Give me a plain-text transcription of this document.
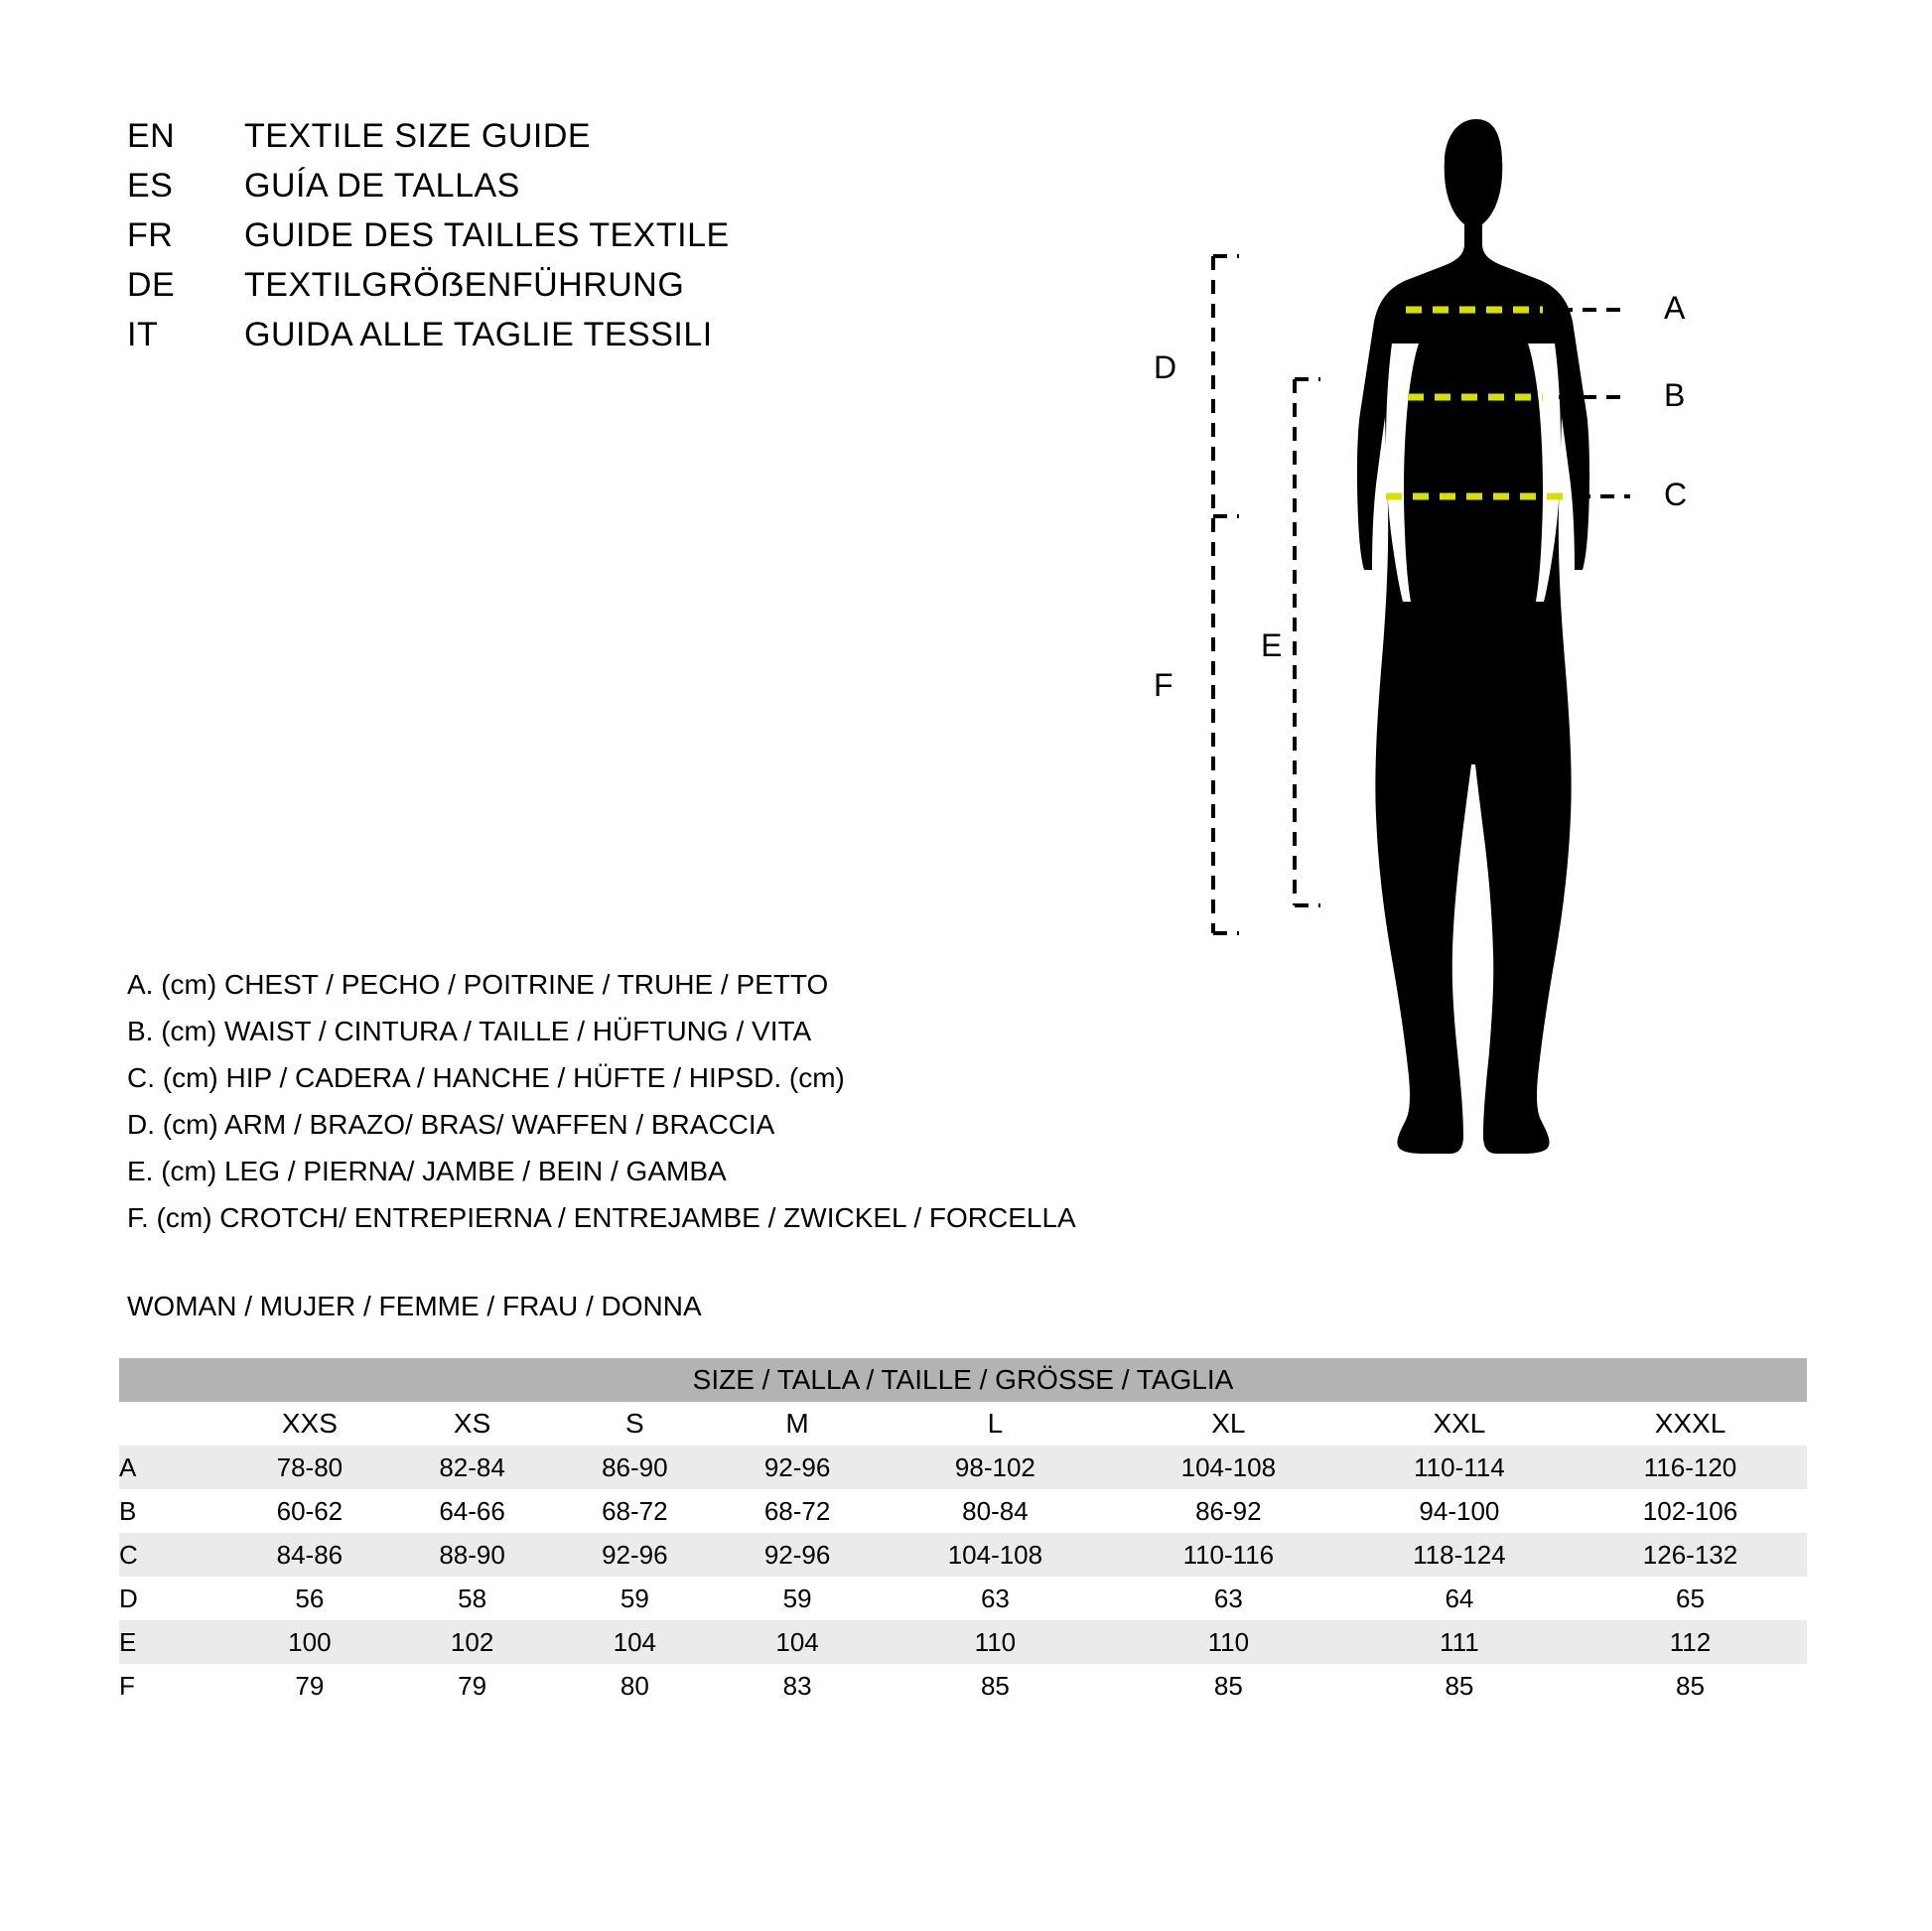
EN	TEXTILE SIZE GUIDE
ES	GUÍA DE TALLAS
FR	GUIDE DES TAILLES TEXTILE
DE	TEXTILGRÖẞENFÜHRUNG
IT	GUIDA ALLE TAGLIE TESSILI
A
B
C
D
E
F
A. (cm) CHEST / PECHO / POITRINE / TRUHE / PETTO
B. (cm) WAIST / CINTURA / TAILLE / HÜFTUNG / VITA
C. (cm) HIP / CADERA / HANCHE / HÜFTE / HIPSD. (cm)
D. (cm) ARM / BRAZO/ BRAS/ WAFFEN / BRACCIA
E. (cm) LEG / PIERNA/ JAMBE / BEIN / GAMBA
F. (cm) CROTCH/ ENTREPIERNA / ENTREJAMBE / ZWICKEL / FORCELLA
WOMAN / MUJER / FEMME / FRAU / DONNA
SIZE / TALLA / TAILLE / GRÖSSE / TAGLIA								
	XXS	XS	S	M	L	XL	XXL	XXXL
A	78-80	82-84	86-90	92-96	98-102	104-108	110-114	116-120
B	60-62	64-66	68-72	68-72	80-84	86-92	94-100	102-106
C	84-86	88-90	92-96	92-96	104-108	110-116	118-124	126-132
D	56	58	59	59	63	63	64	65
E	100	102	104	104	110	110	111	112
F	79	79	80	83	85	85	85	85
